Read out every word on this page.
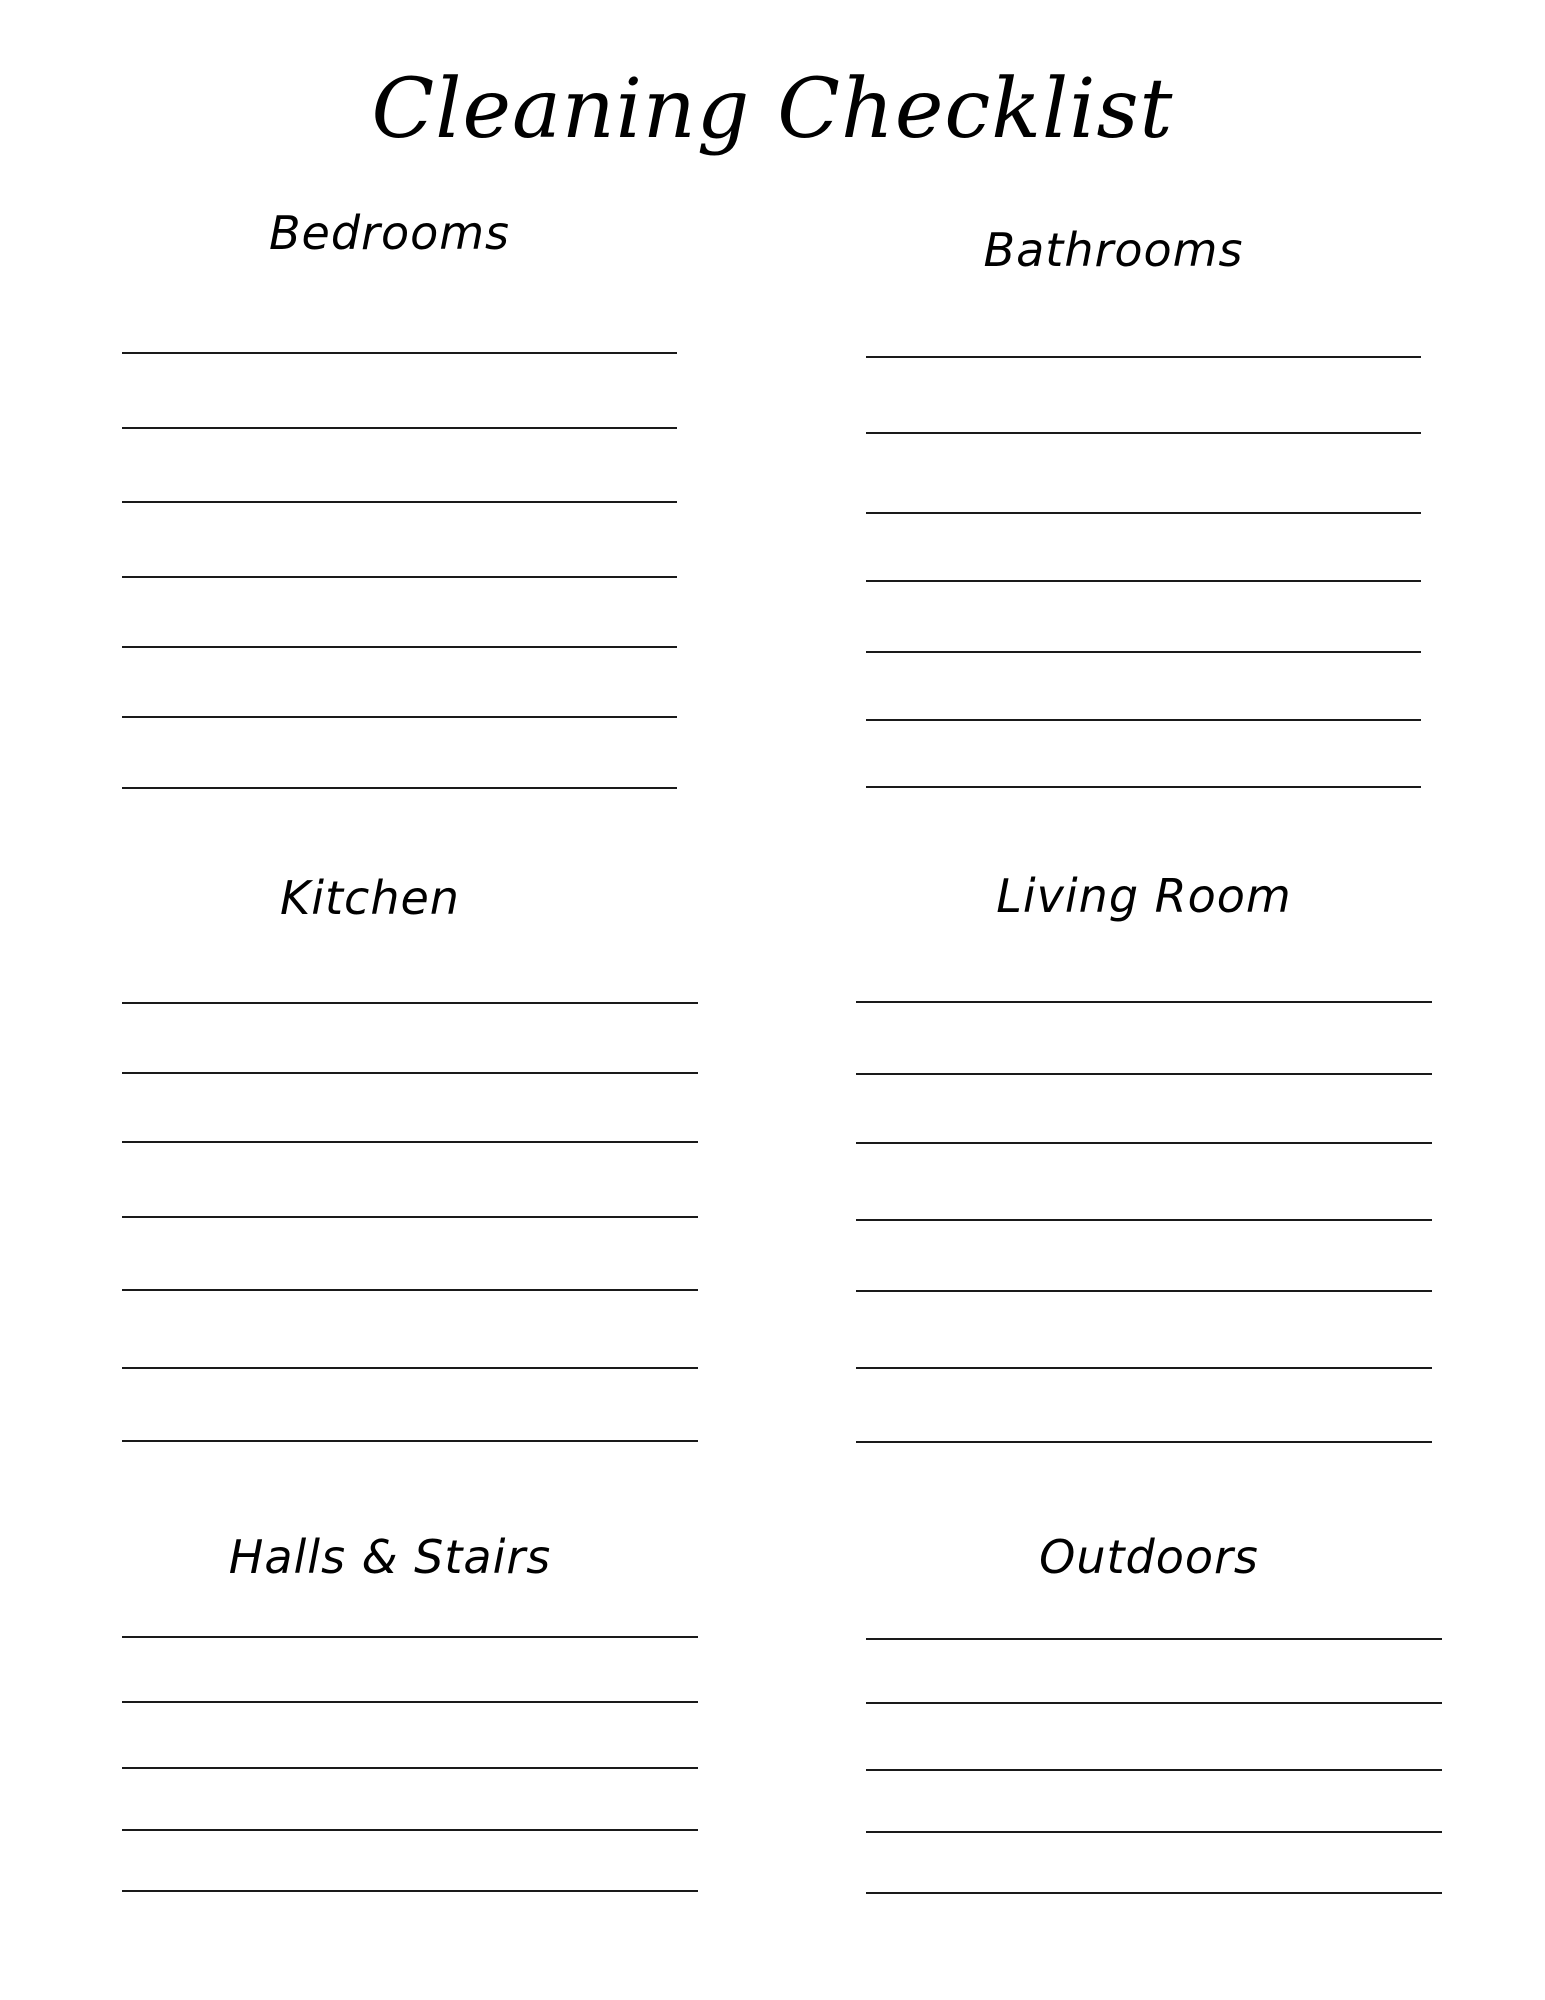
Cleaning Checklist
Bedrooms	Bathrooms
Kitchen	Living Room
Halls & Stairs	Outdoors
